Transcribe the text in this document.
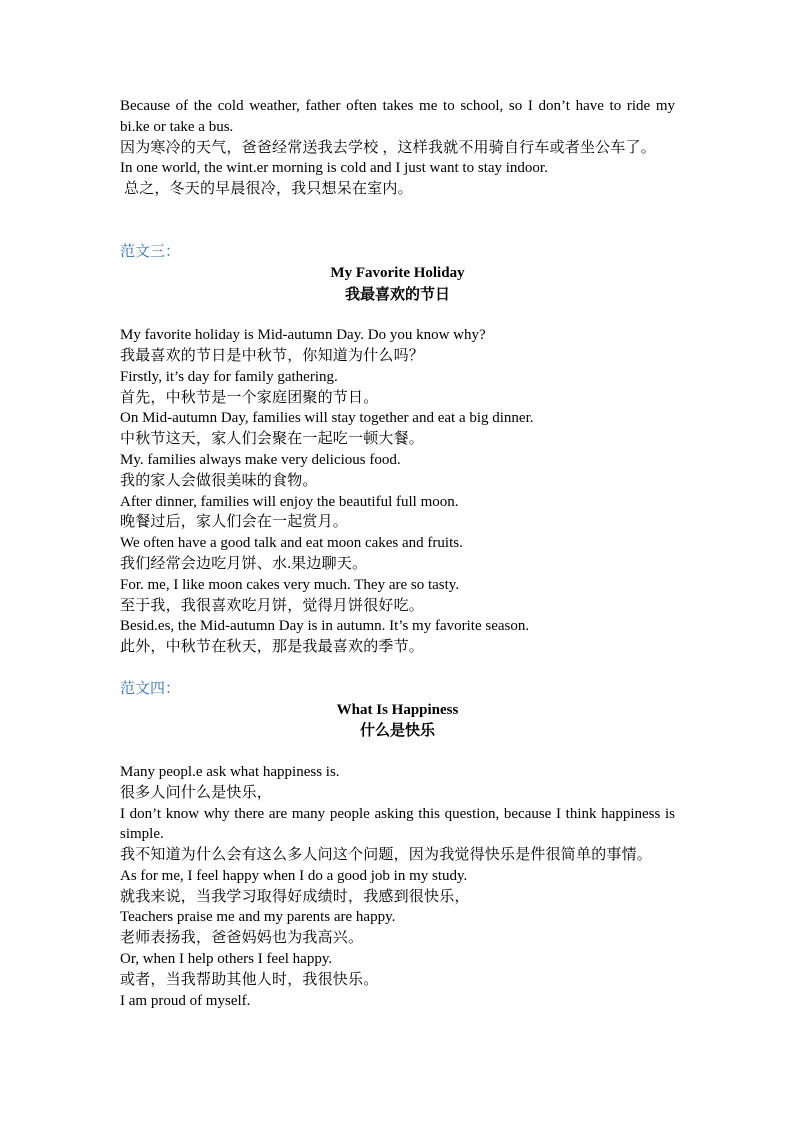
Because of the cold weather, father often takes me to school, so I don’t have to ride my bi.ke or take a bus.

因为寒冷的天气，爸爸经常送我去学校 ，这样我就不用骑自行车或者坐公车了。

In one world, the wint.er morning is cold and I just want to stay indoor.

总之，冬天的早晨很冷，我只想呆在室内。

范文三：

My Favorite Holiday

我最喜欢的节日

My favorite holiday is Mid-autumn Day. Do you know why?

我最喜欢的节日是中秋节，你知道为什么吗？

Firstly, it’s day for family gathering.

首先，中秋节是一个家庭团聚的节日。

On Mid-autumn Day, families will stay together and eat a big dinner.

中秋节这天，家人们会聚在一起吃一顿大餐。

My. families always make very delicious food.

我的家人会做很美味的食物。

After dinner, families will enjoy the beautiful full moon.

晚餐过后，家人们会在一起赏月。

We often have a good talk and eat moon cakes and fruits.

我们经常会边吃月饼、水.果边聊天。

For. me, I like moon cakes very much. They are so tasty.

至于我，我很喜欢吃月饼，觉得月饼很好吃。

Besid.es, the Mid-autumn Day is in autumn. It’s my favorite season.

此外，中秋节在秋天，那是我最喜欢的季节。

范文四：

What Is Happiness

什么是快乐

Many peopl.e ask what happiness is.

很多人问什么是快乐，

I don’t know why there are many people asking this question, because I think happiness is simple.

我不知道为什么会有这么多人问这个问题，因为我觉得快乐是件很简单的事情。

As for me, I feel happy when I do a good job in my study.

就我来说，当我学习取得好成绩时，我感到很快乐，

Teachers praise me and my parents are happy.

老师表扬我，爸爸妈妈也为我高兴。

Or, when I help others I feel happy.

或者，当我帮助其他人时，我很快乐。

I am proud of myself.
